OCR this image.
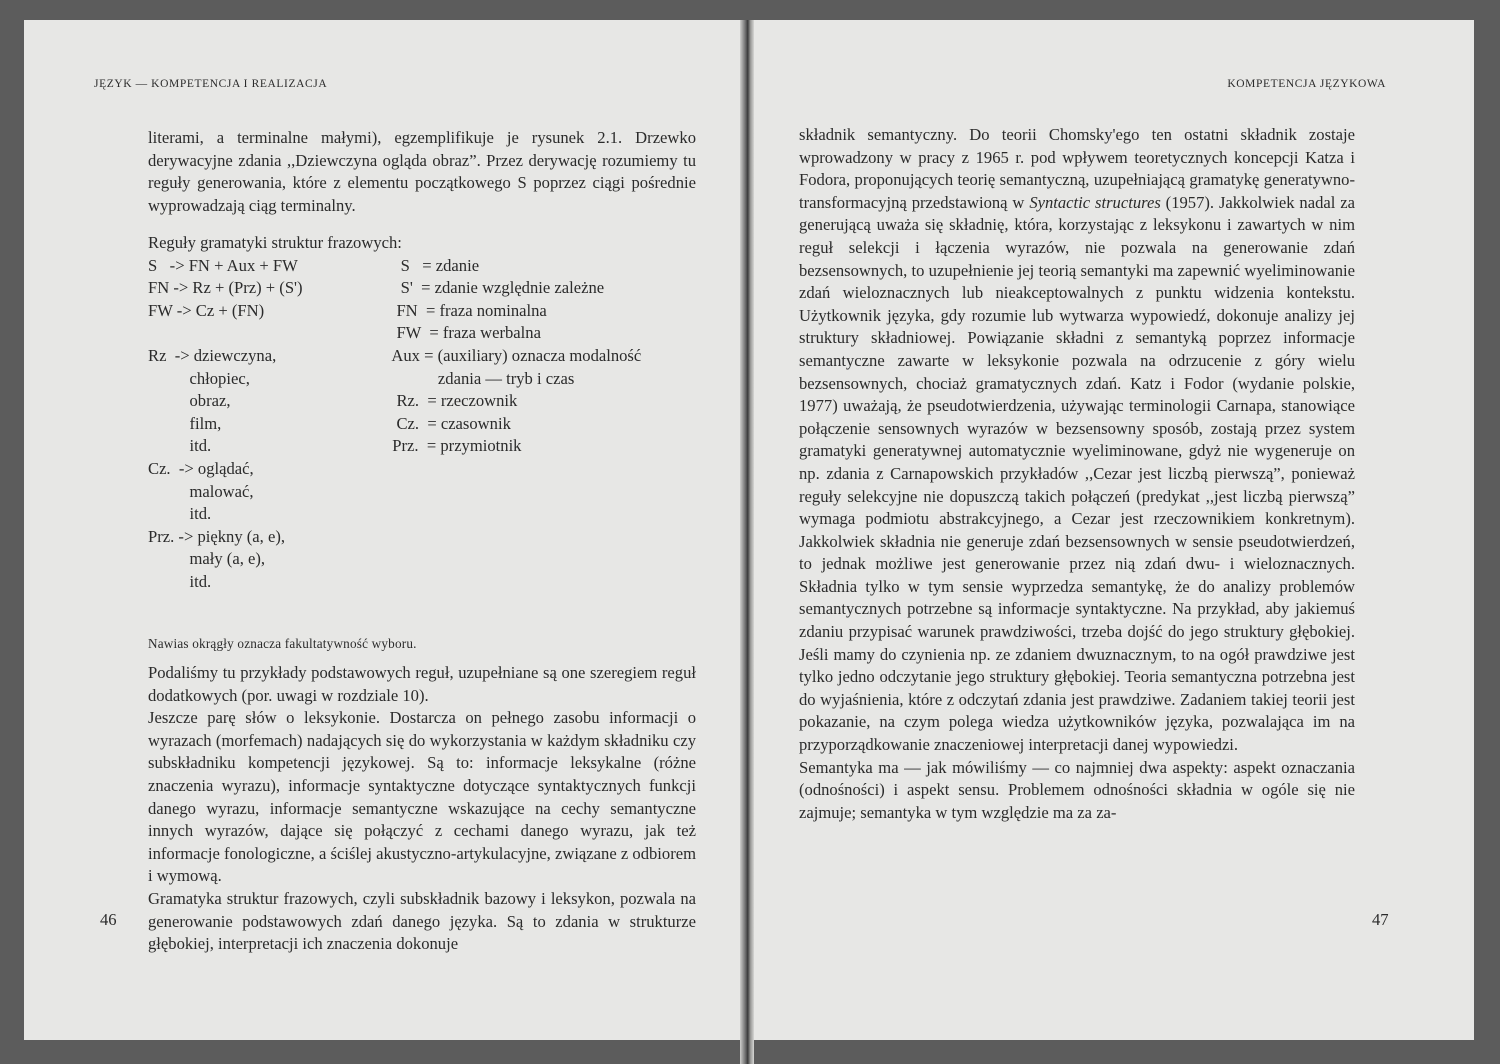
JĘZYK — KOMPETENCJA I REALIZACJA

literami, a terminalne małymi), egzemplifikuje je rysunek 2.1. Drzewko derywacyjne zdania ,,Dziewczyna ogląda obraz”. Przez derywację rozumiemy tu reguły generowania, które z elementu początkowego S poprzez ciągi pośrednie wyprowadzają ciąg terminalny.

Reguły gramatyki struktur frazowych:
S   -> FN + Aux + FW
FN -> Rz + (Prz) + (S')
FW -> Cz + (FN)
Rz  -> dziewczyna,
chłopiec,
obraz,
film,
itd.
Cz.  -> oglądać,
malować,
itd.
Prz. -> piękny (a, e),
mały (a, e),
itd.
S   = zdanie
S'  = zdanie względnie zależne
FN  = fraza nominalna
FW  = fraza werbalna
Aux = (auxiliary) oznacza modalność
zdania — tryb i czas
Rz.  = rzeczownik
Cz.  = czasownik
Prz.  = przymiotnik
Nawias okrągły oznacza fakultatywność wyboru.

Podaliśmy tu przykłady podstawowych reguł, uzupełniane są one szeregiem reguł dodatkowych (por. uwagi w rozdziale 10).

Jeszcze parę słów o leksykonie. Dostarcza on pełnego zasobu informacji o wyrazach (morfemach) nadających się do wykorzystania w każdym składniku czy subskładniku kompetencji językowej. Są to: informacje leksykalne (różne znaczenia wyrazu), informacje syntaktyczne dotyczące syntaktycznych funkcji danego wyrazu, informacje semantyczne wskazujące na cechy semantyczne innych wyrazów, dające się połączyć z cechami danego wyrazu, jak też informacje fonologiczne, a ściślej akustyczno-artykulacyjne, związane z odbiorem i wymową.

Gramatyka struktur frazowych, czyli subskładnik bazowy i leksykon, pozwala na generowanie podstawowych zdań danego języka. Są to zdania w strukturze głębokiej, interpretacji ich znaczenia dokonuje

46
KOMPETENCJA JĘZYKOWA

składnik semantyczny. Do teorii Chomsky'ego ten ostatni składnik zostaje wprowadzony w pracy z 1965 r. pod wpływem teoretycznych koncepcji Katza i Fodora, proponujących teorię semantyczną, uzupełniającą gramatykę generatywno-transformacyjną przedstawioną w Syntactic structures (1957). Jakkolwiek nadal za generującą uważa się składnię, która, korzystając z leksykonu i zawartych w nim reguł selekcji i łączenia wyrazów, nie pozwala na generowanie zdań bezsensownych, to uzupełnienie jej teorią semantyki ma zapewnić wyeliminowanie zdań wieloznacznych lub nieakceptowalnych z punktu widzenia kontekstu. Użytkownik języka, gdy rozumie lub wytwarza wypowiedź, dokonuje analizy jej struktury składniowej. Powiązanie składni z semantyką poprzez informacje semantyczne zawarte w leksykonie pozwala na odrzucenie z góry wielu bezsensownych, chociaż gramatycznych zdań. Katz i Fodor (wydanie polskie, 1977) uważają, że pseudotwierdzenia, używając terminologii Carnapa, stanowiące połączenie sensownych wyrazów w bezsensowny sposób, zostają przez system gramatyki generatywnej automatycznie wyeliminowane, gdyż nie wygeneruje on np. zdania z Carnapowskich przykładów ,,Cezar jest liczbą pierwszą”, ponieważ reguły selekcyjne nie dopuszczą takich połączeń (predykat ,,jest liczbą pierwszą” wymaga podmiotu abstrakcyjnego, a Cezar jest rzeczownikiem konkretnym). Jakkolwiek składnia nie generuje zdań bezsensownych w sensie pseudotwierdzeń, to jednak możliwe jest generowanie przez nią zdań dwu- i wieloznacznych. Składnia tylko w tym sensie wyprzedza semantykę, że do analizy problemów semantycznych potrzebne są informacje syntaktyczne. Na przykład, aby jakiemuś zdaniu przypisać warunek prawdziwości, trzeba dojść do jego struktury głębokiej. Jeśli mamy do czynienia np. ze zdaniem dwuznacznym, to na ogół prawdziwe jest tylko jedno odczytanie jego struktury głębokiej. Teoria semantyczna potrzebna jest do wyjaśnienia, które z odczytań zdania jest prawdziwe. Zadaniem takiej teorii jest pokazanie, na czym polega wiedza użytkowników języka, pozwalająca im na przyporządkowanie znaczeniowej interpretacji danej wypowiedzi.

Semantyka ma — jak mówiliśmy — co najmniej dwa aspekty: aspekt oznaczania (odnośności) i aspekt sensu. Problemem odnośności składnia w ogóle się nie zajmuje; semantyka w tym względzie ma za za-

47
